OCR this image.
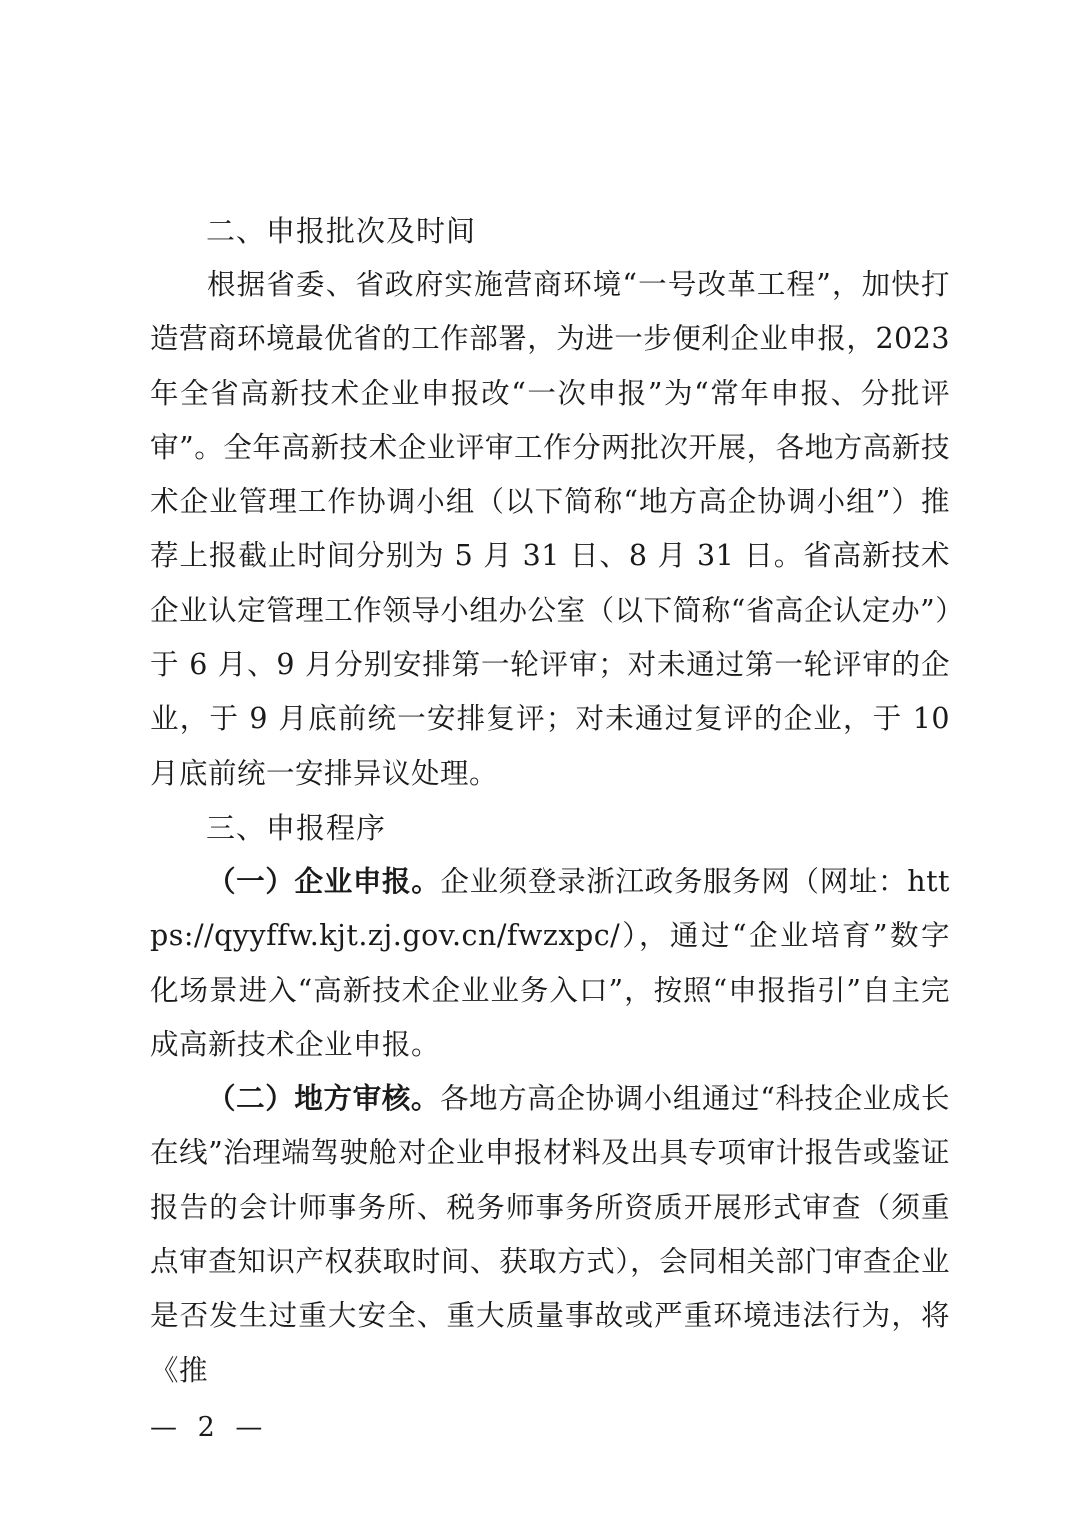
二、申报批次及时间
根据省委、省政府实施营商环境“一号改革工程”，加快打造营商环境最优省的工作部署，为进一步便利企业申报，2023 年全省高新技术企业申报改“一次申报”为“常年申报、分批评审”。全年高新技术企业评审工作分两批次开展，各地方高新技术企业管理工作协调小组（以下简称“地方高企协调小组”）推荐上报截止时间分别为 5 月 31 日、8 月 31 日。省高新技术企业认定管理工作领导小组办公室（以下简称“省高企认定办”）于 6 月、9 月分别安排第一轮评审；对未通过第一轮评审的企业，于 9 月底前统一安排复评；对未通过复评的企业，于 10 月底前统一安排异议处理。
三、申报程序
（一）企业申报。企业须登录浙江政务服务网（网址：https://qyyffw.kjt.zj.gov.cn/fwzxpc/），通过“企业培育”数字化场景进入“高新技术企业业务入口”，按照“申报指引”自主完成高新技术企业申报。
（二）地方审核。各地方高企协调小组通过“科技企业成长在线”治理端驾驶舱对企业申报材料及出具专项审计报告或鉴证报告的会计师事务所、税务师事务所资质开展形式审查（须重点审查知识产权获取时间、获取方式），会同相关部门审查企业是否发生过重大安全、重大质量事故或严重环境违法行为，将《推
— 2 —
